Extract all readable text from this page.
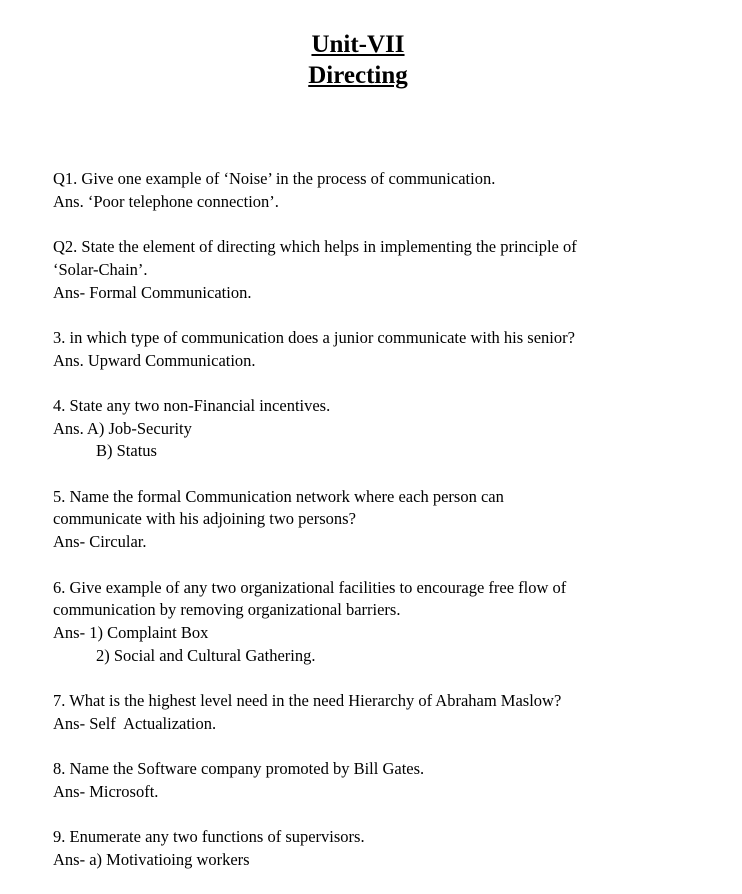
Unit-VII
Directing
Q1. Give one example of ‘Noise’ in the process of communication.
Ans. ‘Poor telephone connection’.
Q2. State the element of directing which helps in implementing the principle of
‘Solar-Chain’.
Ans- Formal Communication.
3. in which type of communication does a junior communicate with his senior?
Ans. Upward Communication.
4. State any two non-Financial incentives.
Ans. A) Job-Security
B) Status
5. Name the formal Communication network where each person can
communicate with his adjoining two persons?
Ans- Circular.
6. Give example of any two organizational facilities to encourage free flow of
communication by removing organizational barriers.
Ans- 1) Complaint Box
2) Social and Cultural Gathering.
7. What is the highest level need in the need Hierarchy of Abraham Maslow?
Ans- Self  Actualization.
8. Name the Software company promoted by Bill Gates.
Ans- Microsoft.
9. Enumerate any two functions of supervisors.
Ans- a) Motivatioing workers
